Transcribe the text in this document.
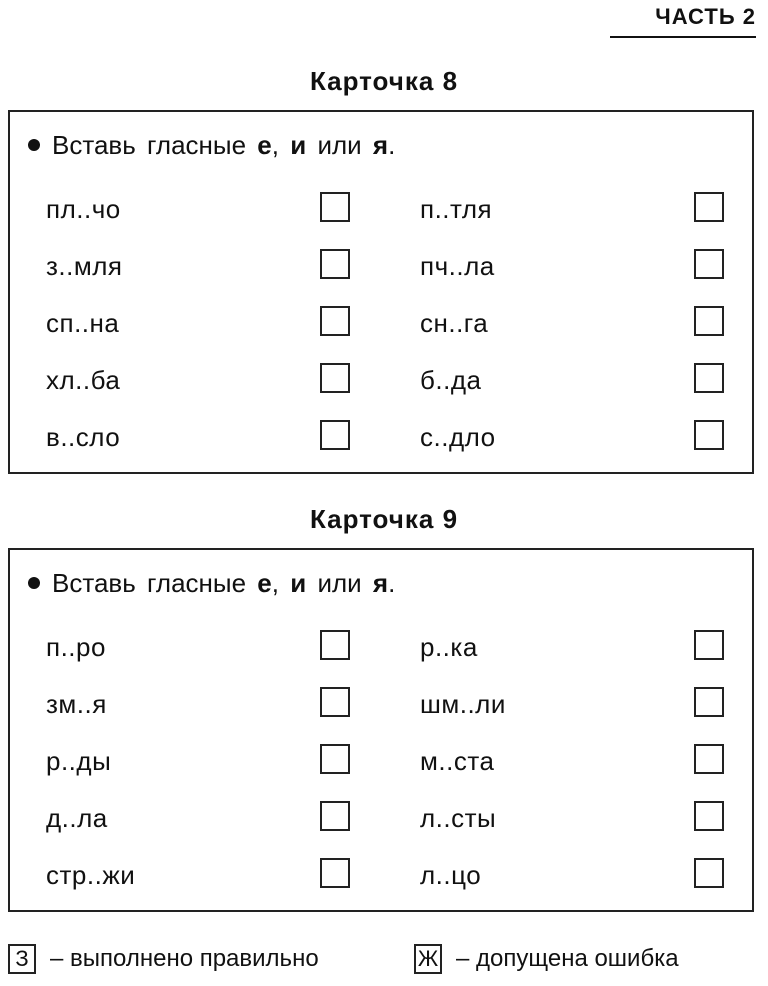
ЧАСТЬ 2
Карточка 8
Вставь гласные е, и или я.
пл..чо
з..мля
сп..на
хл..ба
в..сло
п..тля
пч..ла
сн..га
б..да
с..дло
Карточка 9
Вставь гласные е, и или я.
п..ро
зм..я
р..ды
д..ла
стр..жи
р..ка
шм..ли
м..ста
л..сты
л..цо
З – выполнено правильно	Ж – допущена ошибка
